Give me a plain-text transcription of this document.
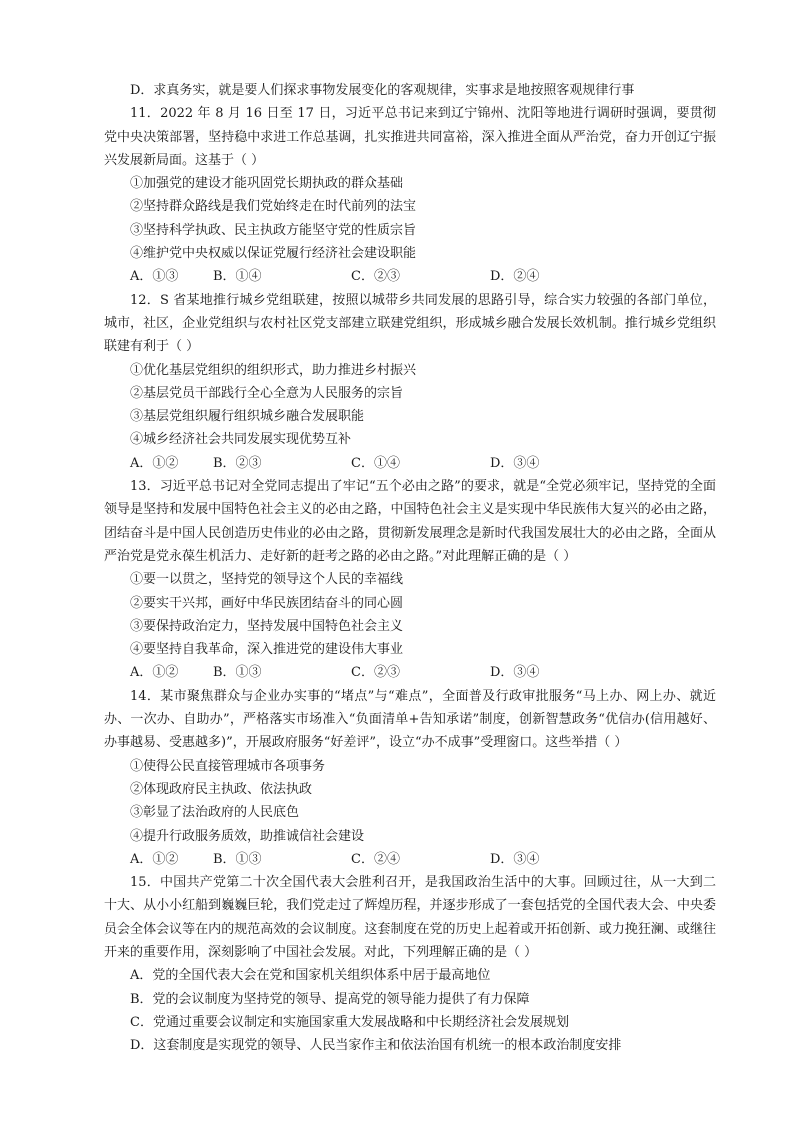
D．求真务实，就是要人们探求事物发展变化的客观规律，实事求是地按照客观规律行事

11．2022 年 8 月 16 日至 17 日，习近平总书记来到辽宁锦州、沈阳等地进行调研时强调，要贯彻党中央决策部署，坚持稳中求进工作总基调，扎实推进共同富裕，深入推进全面从严治党，奋力开创辽宁振兴发展新局面。这基于（ ）

①加强党的建设才能巩固党长期执政的群众基础

②坚持群众路线是我们党始终走在时代前列的法宝

③坚持科学执政、民主执政方能坚守党的性质宗旨

④维护党中央权威以保证党履行经济社会建设职能

A．①③	B．①④	C．②③	D．②④

12．S 省某地推行城乡党组联建，按照以城带乡共同发展的思路引导，综合实力较强的各部门单位，城市，社区，企业党组织与农村社区党支部建立联建党组织，形成城乡融合发展长效机制。推行城乡党组织联建有利于（ ）

①优化基层党组织的组织形式，助力推进乡村振兴

②基层党员干部践行全心全意为人民服务的宗旨

③基层党组织履行组织城乡融合发展职能

④城乡经济社会共同发展实现优势互补

A．①②	B．②③	C．①④	D．③④

13．习近平总书记对全党同志提出了牢记“五个必由之路”的要求，就是“全党必须牢记，坚持党的全面领导是坚持和发展中国特色社会主义的必由之路，中国特色社会主义是实现中华民族伟大复兴的必由之路，团结奋斗是中国人民创造历史伟业的必由之路，贯彻新发展理念是新时代我国发展壮大的必由之路，全面从严治党是党永葆生机活力、走好新的赶考之路的必由之路。”对此理解正确的是（ ）

①要一以贯之，坚持党的领导这个人民的幸福线

②要实干兴邦，画好中华民族团结奋斗的同心圆

③要保持政治定力，坚持发展中国特色社会主义

④要坚持自我革命，深入推进党的建设伟大事业

A．①②	B．①③	C．②③	D．③④

14．某市聚焦群众与企业办实事的“堵点”与“难点”，全面普及行政审批服务“马上办、网上办、就近办、一次办、自助办”，严格落实市场准入“负面清单+告知承诺”制度，创新智慧政务“优信办(信用越好、办事越易、受惠越多)”，开展政府服务“好差评”，设立“办不成事”受理窗口。这些举措（ ）

①使得公民直接管理城市各项事务

②体现政府民主执政、依法执政

③彰显了法治政府的人民底色

④提升行政服务质效，助推诚信社会建设

A．①②	B．①③	C．②④	D．③④

15．中国共产党第二十次全国代表大会胜利召开，是我国政治生活中的大事。回顾过往，从一大到二十大、从小小红船到巍巍巨轮，我们党走过了辉煌历程，并逐步形成了一套包括党的全国代表大会、中央委员会全体会议等在内的规范高效的会议制度。这套制度在党的历史上起着或开拓创新、或力挽狂澜、或继往开来的重要作用，深刻影响了中国社会发展。对此，下列理解正确的是（ ）

A．党的全国代表大会在党和国家机关组织体系中居于最高地位

B．党的会议制度为坚持党的领导、提高党的领导能力提供了有力保障

C．党通过重要会议制定和实施国家重大发展战略和中长期经济社会发展规划

D．这套制度是实现党的领导、人民当家作主和依法治国有机统一的根本政治制度安排
